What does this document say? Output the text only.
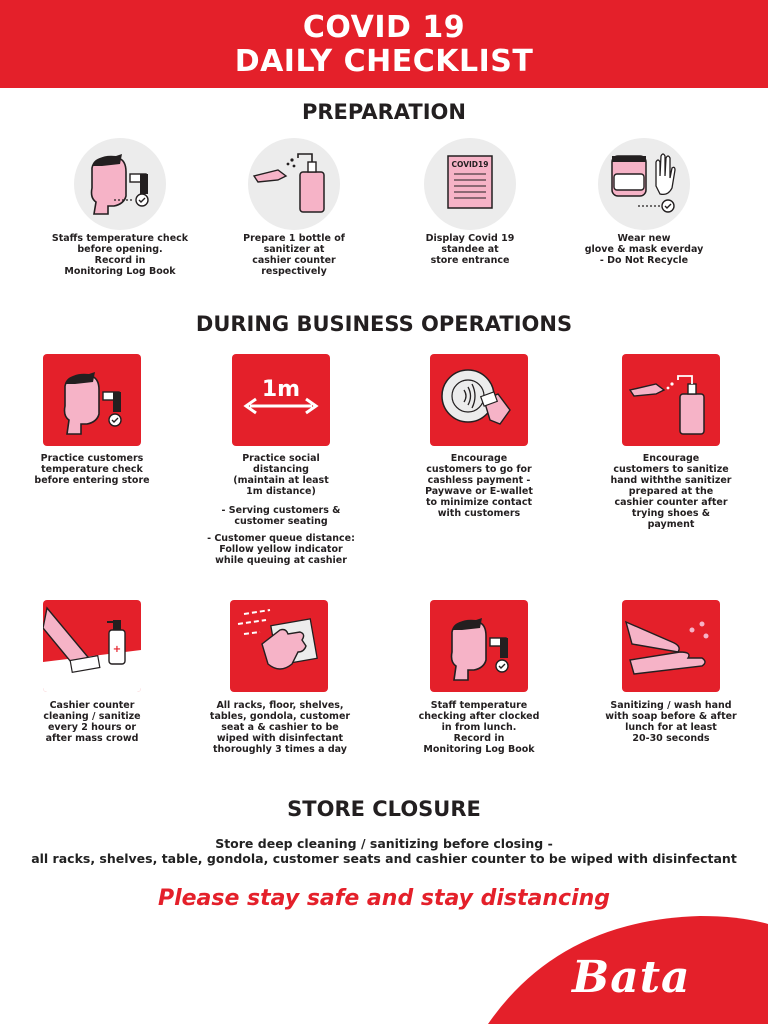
COVID 19
DAILY CHECKLIST
PREPARATION
Staffs temperature check
before opening.
Record in
Monitoring Log Book
Prepare 1 bottle of
sanitizer at
cashier counter
respectively
COVID19
Display Covid 19
standee at
store entrance
Wear new
glove & mask everday
- Do Not Recycle
DURING BUSINESS OPERATIONS
Practice customers
temperature check
before entering store
1m
Practice social
distancing
(maintain at least
1m distance)
- Serving customers &
customer seating
- Customer queue distance:
Follow yellow indicator
while queuing at cashier
Encourage
customers to go for
cashless payment -
Paywave or E-wallet
to minimize contact
with customers
Encourage
customers to sanitize
hand withthe sanitizer
prepared at the
cashier counter after
trying shoes &
payment
+
Cashier counter
cleaning / sanitize
every 2 hours or
after mass crowd
All racks, floor, shelves,
tables, gondola, customer
seat a & cashier to be
wiped with disinfectant
thoroughly 3 times a day
Staff temperature
checking after clocked
in from lunch.
Record in
Monitoring Log Book
Sanitizing / wash hand
with soap before & after
lunch for at least
20-30 seconds
STORE CLOSURE
Store deep cleaning / sanitizing before closing -
all racks, shelves, table, gondola, customer seats and cashier counter to be wiped with disinfectant
Please stay safe and stay distancing
Bata
